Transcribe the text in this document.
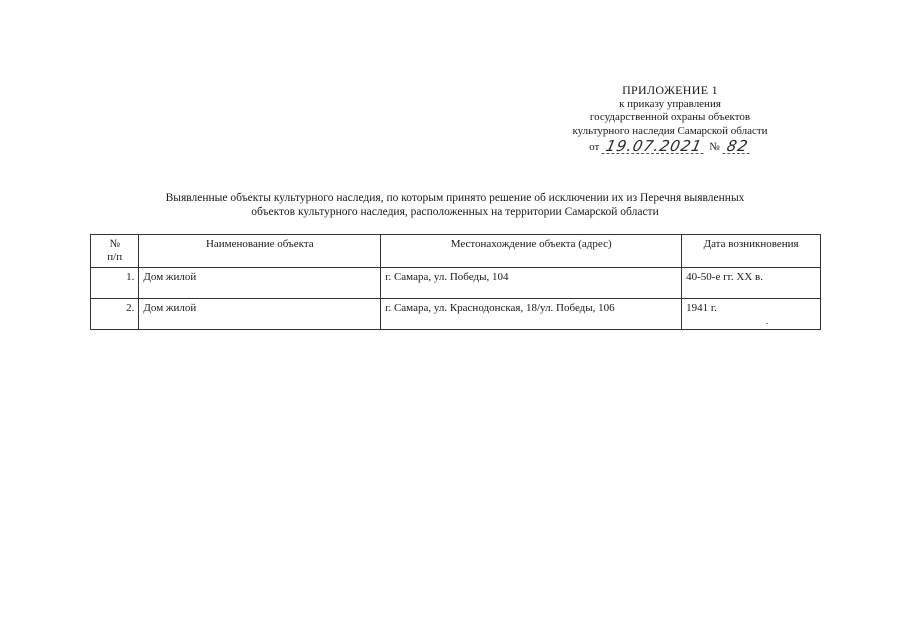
ПРИЛОЖЕНИЕ 1
к приказу управления
государственной охраны объектов
культурного наследия Самарской области
от 19.07.2021 № 82
Выявленные объекты культурного наследия, по которым принято решение об исключении их из Перечня выявленных
объектов культурного наследия, расположенных на территории Самарской области
№
п/п	Наименование объекта	Местонахождение объекта (адрес)	Дата возникновения
1.	Дом жилой	г. Самара, ул. Победы, 104	40-50-е гг. XX в.
2.	Дом жилой	г. Самара, ул. Краснодонская, 18/ул. Победы, 106	1941 г.
